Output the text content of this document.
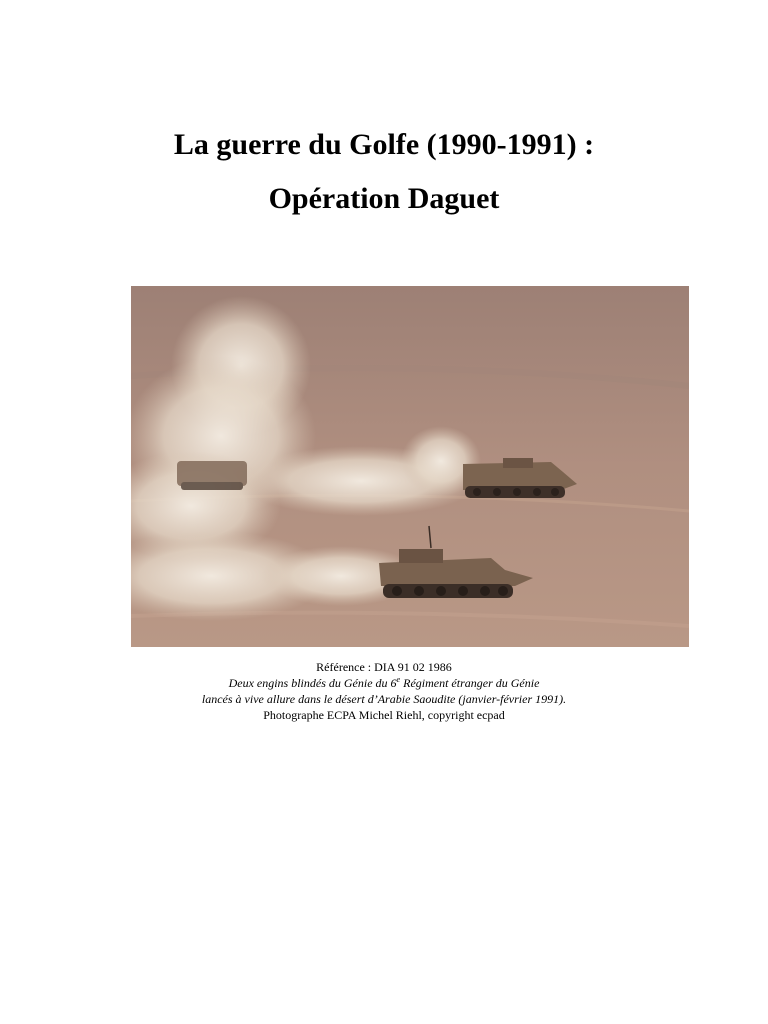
La guerre du Golfe (1990-1991) :
Opération Daguet
Référence : DIA 91 02 1986
Deux engins blindés du Génie du 6e Régiment étranger du Génie
lancés à vive allure dans le désert d’Arabie Saoudite (janvier-février 1991).
Photographe ECPA Michel Riehl, copyright ecpad
